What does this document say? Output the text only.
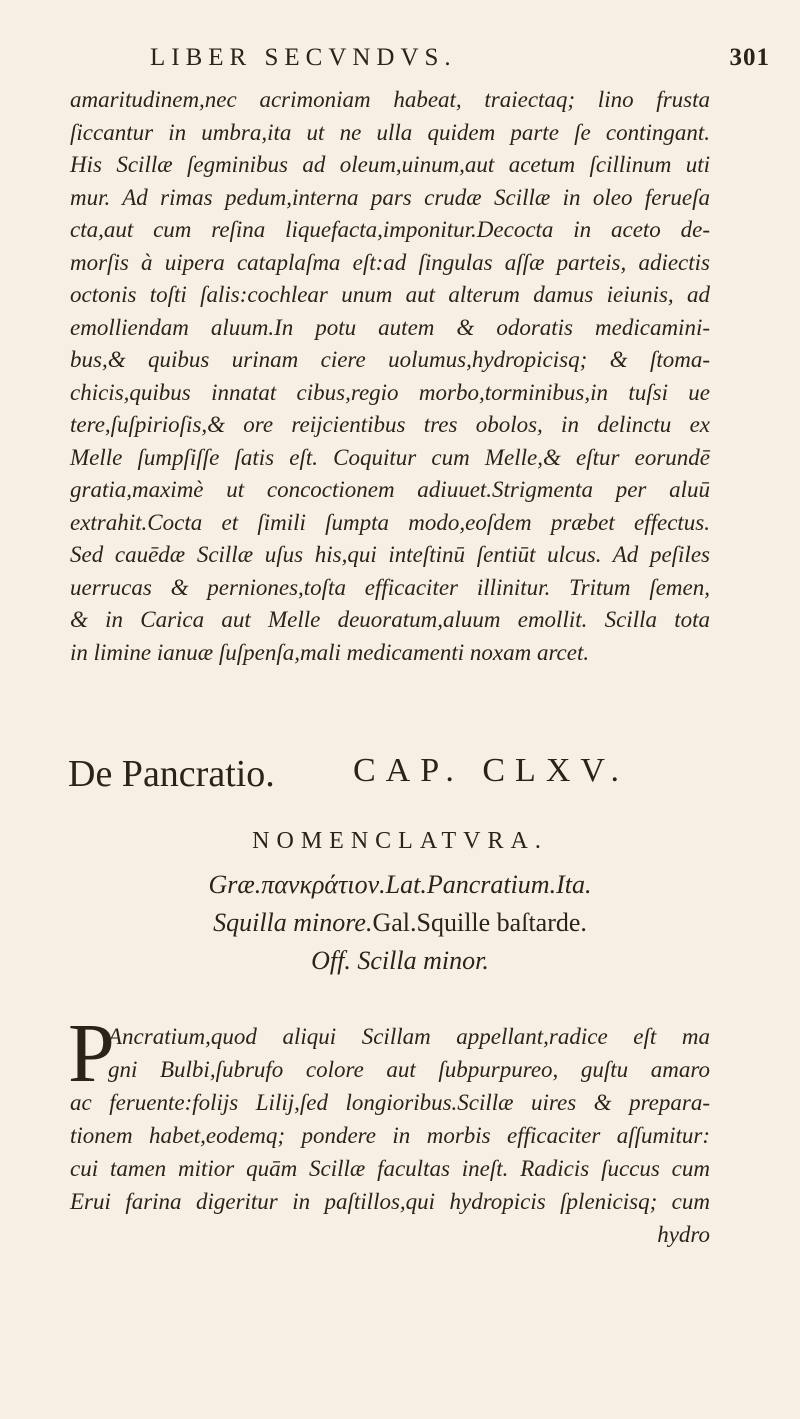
LIBER SECVNDVS.	301
amaritudinem,nec acrimoniam habeat, traiectaq; lino frusta
ſiccantur in umbra,ita ut ne ulla quidem parte ſe contingant.
His Scillæ ſegminibus ad oleum,uinum,aut acetum ſcillinum uti
mur. Ad rimas pedum,interna pars crudæ Scillæ in oleo ferueſa
cta,aut cum reſina liquefacta,imponitur.Decocta in aceto de-
morſis à uipera cataplaſma eſt:ad ſingulas aſſæ parteis, adiectis
octonis toſti ſalis:cochlear unum aut alterum damus ieiunis, ad
emolliendam aluum.In potu autem & odoratis medicamini-
bus,& quibus urinam ciere uolumus,hydropicisq; & ſtoma-
chicis,quibus innatat cibus,regio morbo,torminibus,in tuſsi ue
tere,ſuſpirioſis,& ore reijcientibus tres obolos, in delinctu ex
Melle ſumpſiſſe ſatis eſt. Coquitur cum Melle,& eſtur eorundē
gratia,maximè ut concoctionem adiuuet.Strigmenta per aluū
extrahit.Cocta et ſimili ſumpta modo,eoſdem præbet effectus.
Sed cauēdæ Scillæ uſus his,qui inteſtinū ſentiūt ulcus. Ad peſiles
uerrucas & perniones,toſta efficaciter illinitur. Tritum ſemen,
& in Carica aut Melle deuoratum,aluum emollit. Scilla tota
in limine ianuæ ſuſpenſa,mali medicamenti noxam arcet.
De Pancratio. CAP. CLXV.
NOMENCLATVRA.
Græ.πανκράτιον.Lat.Pancratium.Ita.
Squilla minore.Gal.Squille baſtarde.
Off. Scilla minor.
P
Ancratium,quod aliqui Scillam appellant,radice eſt ma
gni Bulbi,ſubrufo colore aut ſubpurpureo, guſtu amaro
ac feruente:folijs Lilij,ſed longioribus.Scillæ uires & prepara-
tionem habet,eodemq; pondere in morbis efficaciter aſſumitur:
cui tamen mitior quām Scillæ facultas ineſt. Radicis ſuccus cum
Erui farina digeritur in paſtillos,qui hydropicis ſplenicisq; cum
hydro
